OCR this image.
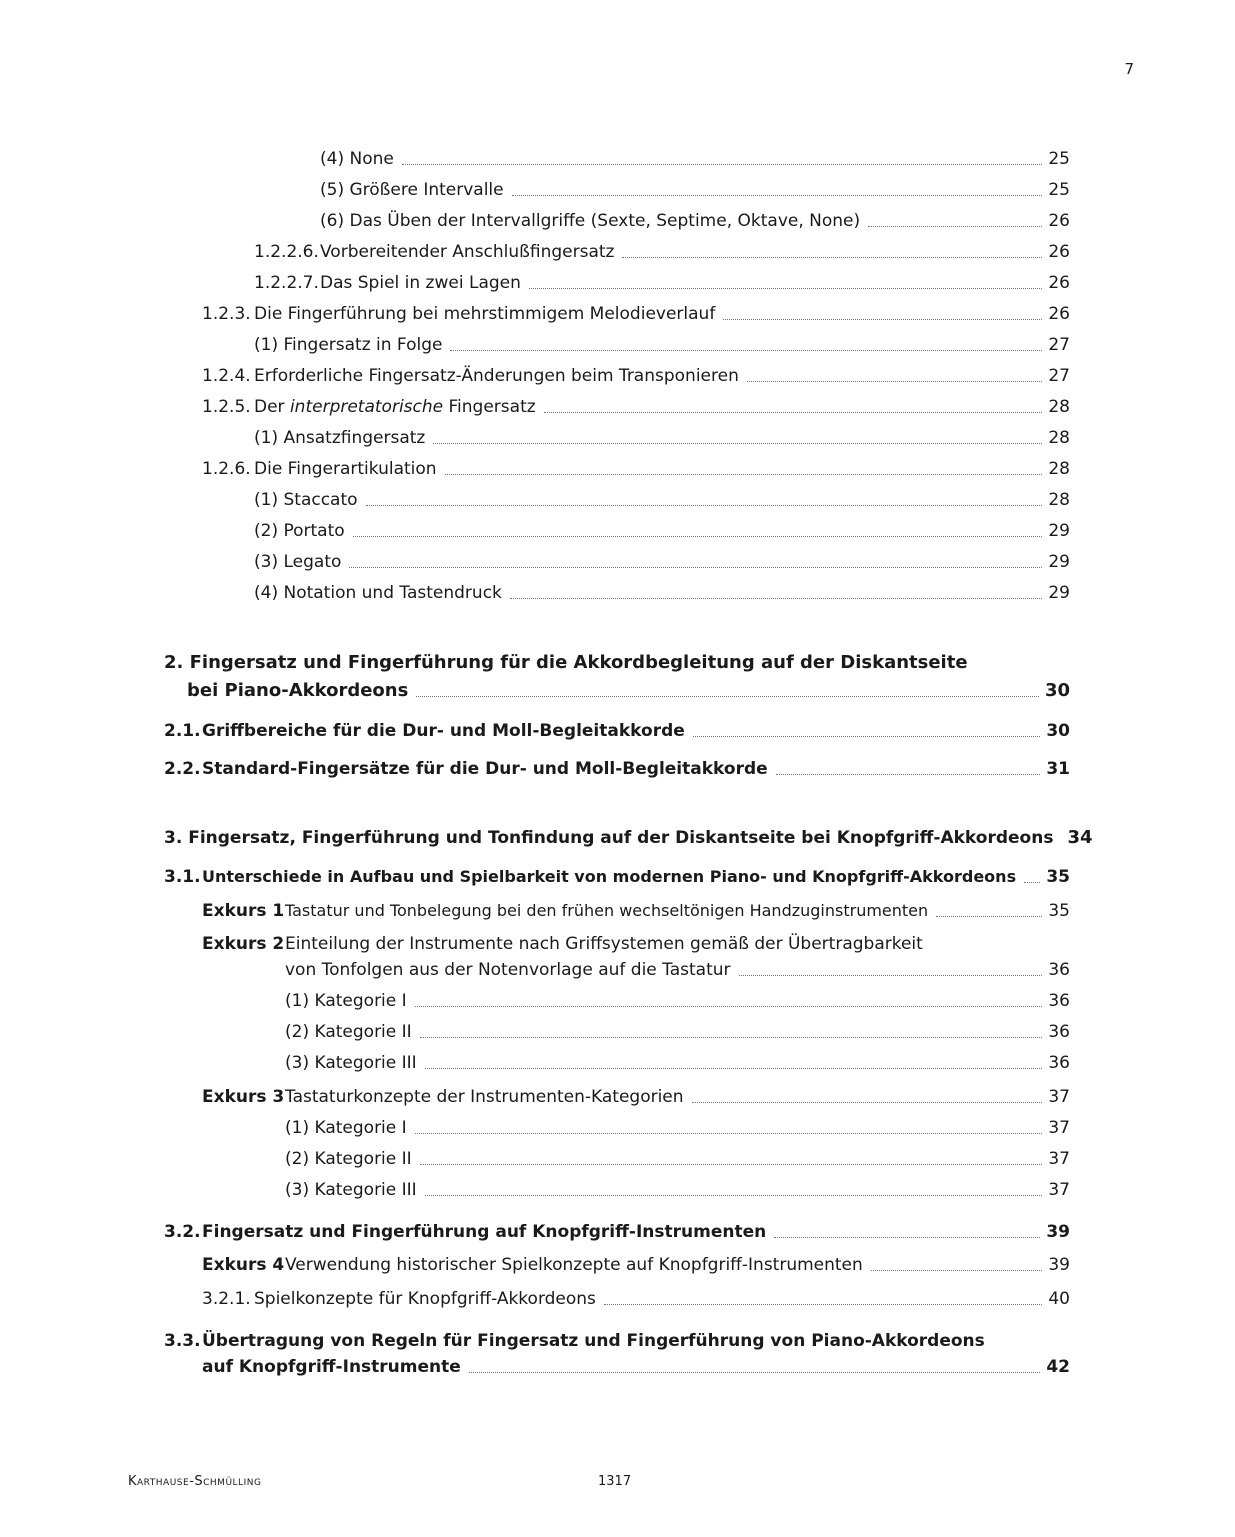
7
(4) None	25
(5) Größere Intervalle	25
(6) Das Üben der Intervallgriffe (Sexte, Septime, Oktave, None)	26
1.2.2.6. Vorbereitender Anschlußfingersatz	26
1.2.2.7. Das Spiel in zwei Lagen	26
1.2.3. Die Fingerführung bei mehrstimmigem Melodieverlauf	26
(1) Fingersatz in Folge	27
1.2.4. Erforderliche Fingersatz-Änderungen beim Transponieren	27
1.2.5. Der interpretatorische Fingersatz	28
(1) Ansatzfingersatz	28
1.2.6. Die Fingerartikulation	28
(1) Staccato	28
(2) Portato	29
(3) Legato	29
(4) Notation und Tastendruck	29
2. Fingersatz und Fingerführung für die Akkordbegleitung auf der Diskantseite
bei Piano-Akkordeons	30
2.1. Griffbereiche für die Dur- und Moll-Begleitakkorde	30
2.2. Standard-Fingersätze für die Dur- und Moll-Begleitakkorde	31
3. Fingersatz, Fingerführung und Tonfindung auf der Diskantseite bei Knopfgriff-Akkordeons 34
3.1. Unterschiede in Aufbau und Spielbarkeit von modernen Piano- und Knopfgriff-Akkordeons 35
Exkurs 1 Tastatur und Tonbelegung bei den frühen wechseltönigen Handzuginstrumenten	35
Exkurs 2 Einteilung der Instrumente nach Griffsystemen gemäß der Übertragbarkeit
von Tonfolgen aus der Notenvorlage auf die Tastatur	36
(1) Kategorie I	36
(2) Kategorie II	36
(3) Kategorie III	36
Exkurs 3 Tastaturkonzepte der Instrumenten-Kategorien	37
(1) Kategorie I	37
(2) Kategorie II	37
(3) Kategorie III	37
3.2. Fingersatz und Fingerführung auf Knopfgriff-Instrumenten	39
Exkurs 4 Verwendung historischer Spielkonzepte auf Knopfgriff-Instrumenten	39
3.2.1. Spielkonzepte für Knopfgriff-Akkordeons	40
3.3. Übertragung von Regeln für Fingersatz und Fingerführung von Piano-Akkordeons
auf Knopfgriff-Instrumente	42
Karthause-Schmülling	1317
